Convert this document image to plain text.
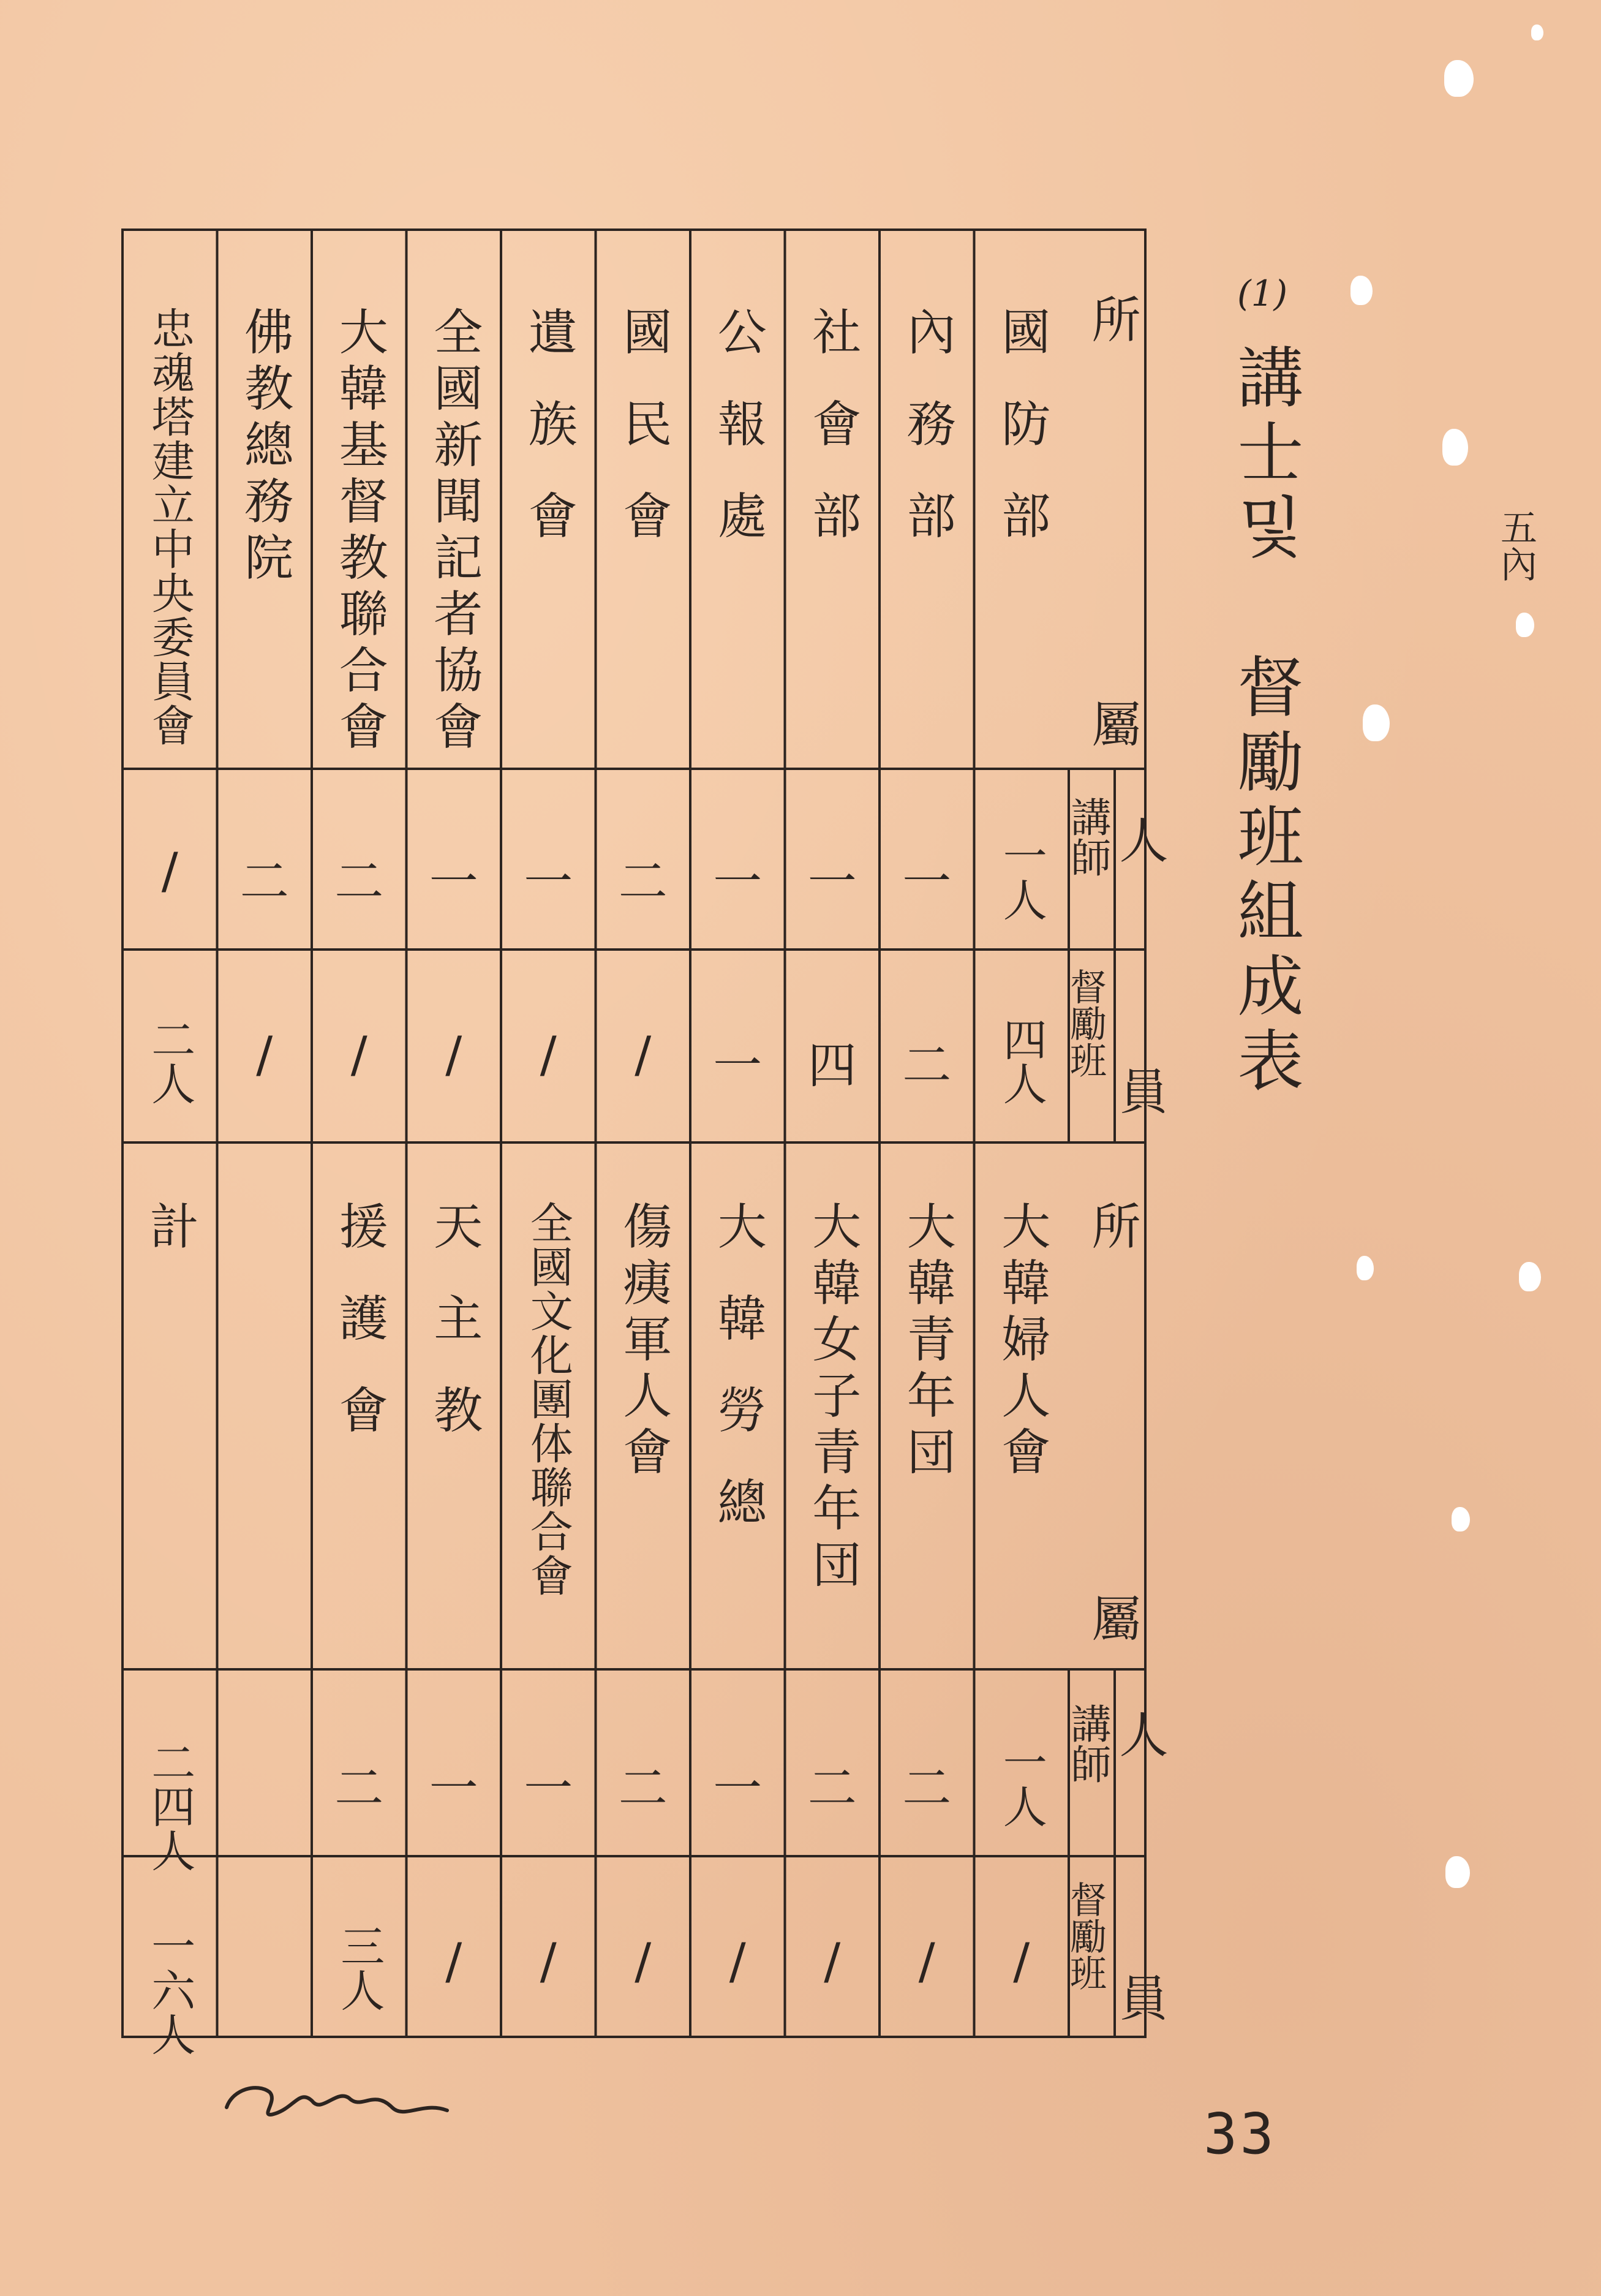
(1)
講士및 督勵班組成表	五內
所
屬
人
員
講師
督勵班
所
屬
人
員
講師
督勵班
國防部
一人
四人
內務部
一
二
社會部
一
四
公報處
一
一
國民會
二
/
遺族會
一
/
全國新聞記者協會
一
/
大韓基督教聯合會
二
/
佛教總務院
二
/
忠魂塔建立中央委員會
/
二人
大韓婦人會
一人
/
大韓青年団
二
/
大韓女子青年団
二
/
大韓勞總
一
/
傷痍軍人會
二
/
全國文化團体聯合會
一
/
天主教
一
/
援護會
二
三人
計
二四人
一六人
33
